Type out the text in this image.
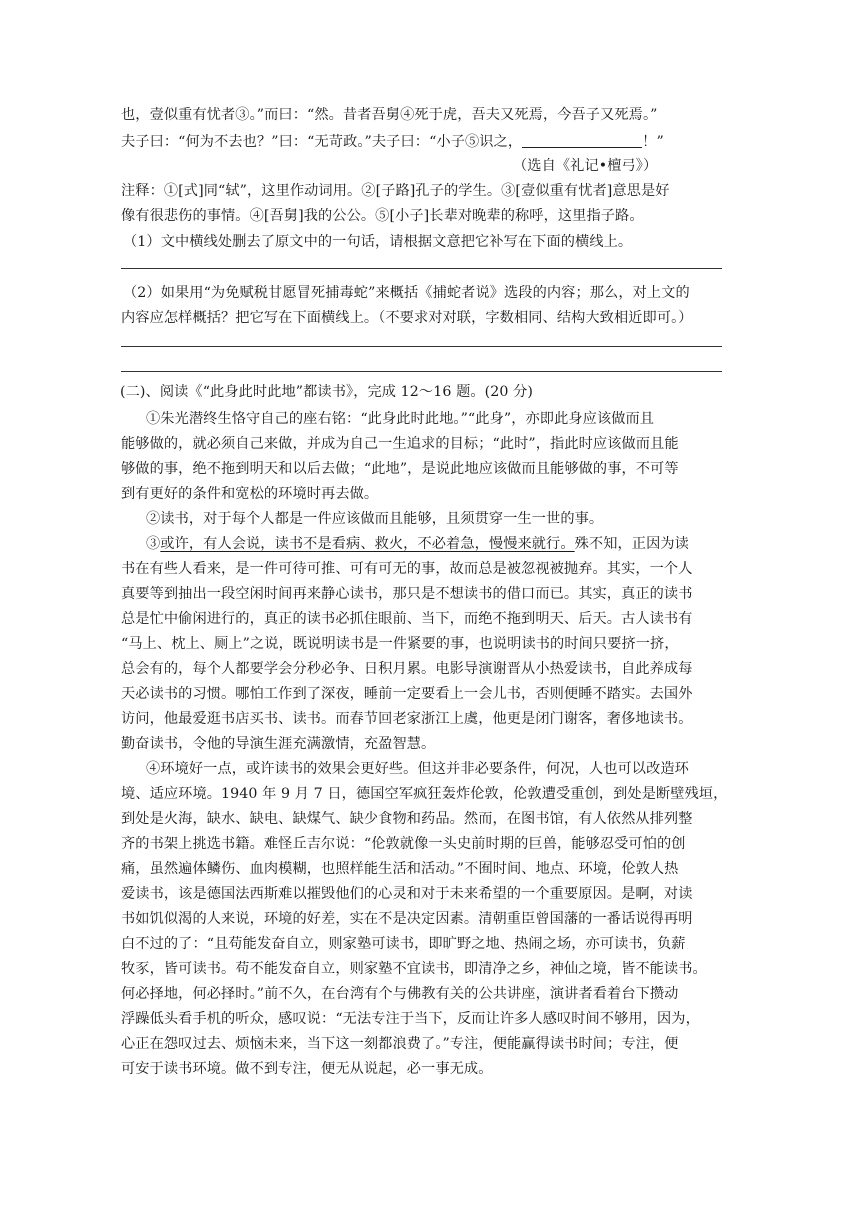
也，壹似重有忧者③。”而曰：“然。昔者吾舅④死于虎，吾夫又死焉，今吾子又死焉。”
夫子曰：“何为不去也？”曰：“无苛政。”夫子曰：“小子⑤识之，	！”
（选自《礼记•檀弓》）
注释：①[式]同“轼”，这里作动词用。②[子路]孔子的学生。③[壹似重有忧者]意思是好
像有很悲伤的事情。④[吾舅]我的公公。⑤[小子]长辈对晚辈的称呼，这里指子路。
（1）文中横线处删去了原文中的一句话，请根据文意把它补写在下面的横线上。
（2）如果用“为免赋税甘愿冒死捕毒蛇”来概括《捕蛇者说》选段的内容；那么，对上文的
内容应怎样概括？把它写在下面横线上。（不要求对对联，字数相同、结构大致相近即可。）
(二)、阅读《“此身此时此地”都读书》，完成 12～16 题。(20 分)
①朱光潜终生恪守自己的座右铭：“此身此时此地。”“此身”，亦即此身应该做而且
能够做的，就必须自己来做，并成为自己一生追求的目标；“此时”，指此时应该做而且能
够做的事，绝不拖到明天和以后去做；“此地”，是说此地应该做而且能够做的事，不可等
到有更好的条件和宽松的环境时再去做。
②读书，对于每个人都是一件应该做而且能够，且须贯穿一生一世的事。
③或许，有人会说，读书不是看病、救火，不必着急，慢慢来就行。殊不知，正因为读
书在有些人看来，是一件可待可推、可有可无的事，故而总是被忽视被抛弃。其实，一个人
真要等到抽出一段空闲时间再来静心读书，那只是不想读书的借口而已。其实，真正的读书
总是忙中偷闲进行的，真正的读书必抓住眼前、当下，而绝不拖到明天、后天。古人读书有
“马上、枕上、厕上”之说，既说明读书是一件紧要的事，也说明读书的时间只要挤一挤，
总会有的，每个人都要学会分秒必争、日积月累。电影导演谢晋从小热爱读书，自此养成每
天必读书的习惯。哪怕工作到了深夜，睡前一定要看上一会儿书，否则便睡不踏实。去国外
访问，他最爱逛书店买书、读书。而春节回老家浙江上虞，他更是闭门谢客，奢侈地读书。
勤奋读书，令他的导演生涯充满激情，充盈智慧。
④环境好一点，或许读书的效果会更好些。但这并非必要条件，何况，人也可以改造环
境、适应环境。1940 年 9 月 7 日，德国空军疯狂轰炸伦敦，伦敦遭受重创，到处是断壁残垣，
到处是火海，缺水、缺电、缺煤气、缺少食物和药品。然而，在图书馆，有人依然从排列整
齐的书架上挑选书籍。难怪丘吉尔说：“伦敦就像一头史前时期的巨兽，能够忍受可怕的创
痛，虽然遍体鳞伤、血肉模糊，也照样能生活和活动。”不囿时间、地点、环境，伦敦人热
爱读书，该是德国法西斯难以摧毁他们的心灵和对于未来希望的一个重要原因。是啊，对读
书如饥似渴的人来说，环境的好差，实在不是决定因素。清朝重臣曾国藩的一番话说得再明
白不过的了：“且苟能发奋自立，则家塾可读书，即旷野之地、热闹之场，亦可读书，负薪
牧豕，皆可读书。苟不能发奋自立，则家塾不宜读书，即清净之乡，神仙之境，皆不能读书。
何必择地，何必择时。”前不久，在台湾有个与佛教有关的公共讲座，演讲者看着台下攒动
浮躁低头看手机的听众，感叹说：“无法专注于当下，反而让许多人感叹时间不够用，因为，
心正在怨叹过去、烦恼未来，当下这一刻都浪费了。”专注，便能赢得读书时间；专注，便
可安于读书环境。做不到专注，便无从说起，必一事无成。
